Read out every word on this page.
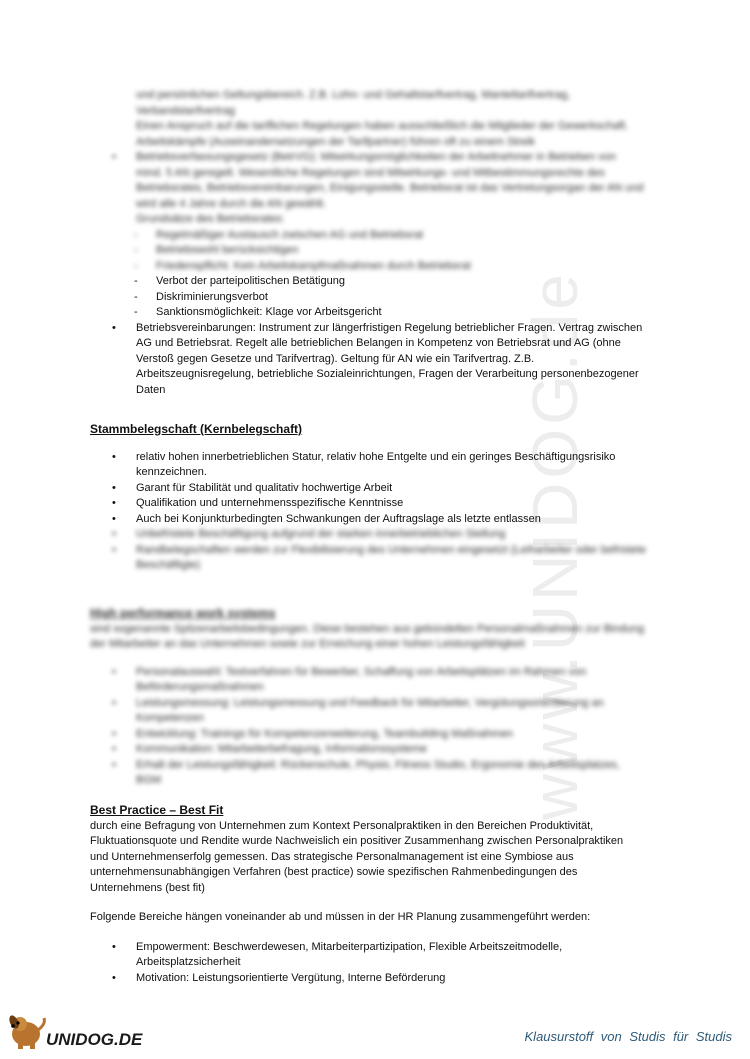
www.UNIDOG.de
und persönlichen Geltungsbereich. Z.B. Lohn- und Gehaltstarifvertrag, Manteltarifvertrag,
Verbandstarifvertrag
Einen Anspruch auf die tariflichen Regelungen haben ausschließlich die Mitglieder der Gewerkschaft.
Arbeitskämpfe (Auseinandersetzungen der Tarifpartner) führen oft zu einem Streik
• Betriebsverfassungsgesetz (BetrVG): Mitwirkungsmöglichkeiten der Arbeitnehmer in Betrieben von
mind. 5 AN geregelt. Wesentliche Regelungen sind Mitwirkungs- und Mitbestimmungsrechte des
Betriebsrates, Betriebsvereinbarungen, Einigungsstelle. Betriebsrat ist das Vertretungsorgan der AN und
wird alle 4 Jahre durch die AN gewählt.
Grundsätze des Betriebsrates:
- Regelmäßiger Austausch zwischen AG und Betriebsrat
- Betriebswohl berücksichtigen
- Friedenspflicht. Kein Arbeitskampfmaßnahmen durch Betriebsrat
- Verbot der parteipolitischen Betätigung
- Diskriminierungsverbot
- Sanktionsmöglichkeit: Klage vor Arbeitsgericht
• Betriebsvereinbarungen: Instrument zur längerfristigen Regelung betrieblicher Fragen. Vertrag zwischen
AG und Betriebsrat. Regelt alle betrieblichen Belangen in Kompetenz von Betriebsrat und AG (ohne
Verstoß gegen Gesetze und Tarifvertrag). Geltung für AN wie ein Tarifvertrag. Z.B.
Arbeitszeugnisregelung, betriebliche Sozialeinrichtungen, Fragen der Verarbeitung personenbezogener
Daten
Stammbelegschaft (Kernbelegschaft)
• relativ hohen innerbetrieblichen Statur, relativ hohe Entgelte und ein geringes Beschäftigungsrisiko
kennzeichnen.
• Garant für Stabilität und qualitativ hochwertige Arbeit
• Qualifikation und unternehmensspezifische Kenntnisse
• Auch bei Konjunkturbedingten Schwankungen der Auftragslage als letzte entlassen
• Unbefristete Beschäftigung aufgrund der starken innerbetrieblichen Stellung
• Randbelegschaften werden zur Flexibilisierung des Unternehmen eingesetzt (Leiharbeiter oder befristete
Beschäftigte)
High performance work systems
sind sogenannte Spitzenarbeitsbedingungen. Diese bestehen aus gebündelten Personalmaßnahmen zur Bindung
der Mitarbeiter an das Unternehmen sowie zur Erreichung einer hohen Leistungsfähigkeit
• Personalauswahl: Testverfahren für Bewerber, Schaffung von Arbeitsplätzen im Rahmen von
Beförderungsmaßnahmen
• Leistungsmessung: Leistungsmessung und Feedback für Mitarbeiter, Vergütungsorientierung an
Kompetenzen
• Entwicklung: Trainings für Kompetenzerweiterung, Teambuilding Maßnahmen
• Kommunikation: Mitarbeiterbefragung, Informationssysteme
• Erhalt der Leistungsfähigkeit: Rückenschule, Physio, Fitness Studio, Ergonomie des Arbeitsplatzes,
BGM
Best Practice – Best Fit
durch eine Befragung von Unternehmen zum Kontext Personalpraktiken in den Bereichen Produktivität,
Fluktuationsquote und Rendite wurde Nachweislich ein positiver Zusammenhang zwischen Personalpraktiken
und Unternehmenserfolg gemessen. Das strategische Personalmanagement ist eine Symbiose aus
unternehmensunabhängigen Verfahren (best practice) sowie spezifischen Rahmenbedingungen des
Unternehmens (best fit)
Folgende Bereiche hängen voneinander ab und müssen in der HR Planung zusammengeführt werden:
• Empowerment: Beschwerdewesen, Mitarbeiterpartizipation, Flexible Arbeitszeitmodelle,
Arbeitsplatzsicherheit
• Motivation: Leistungsorientierte Vergütung, Interne Beförderung
UNIDOG.DE	Klausurstoff von Studis für Studis
